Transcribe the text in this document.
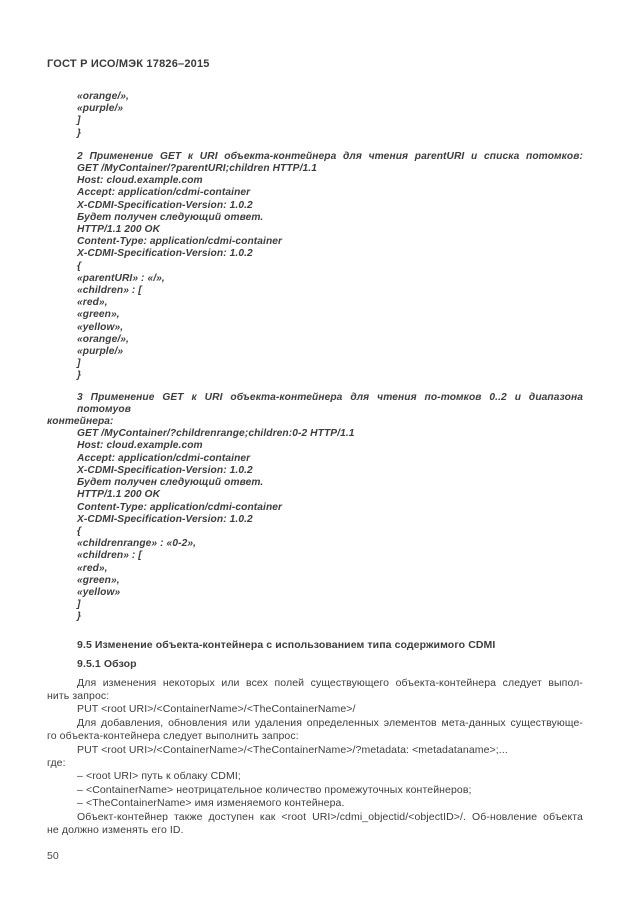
ГОСТ Р ИСО/МЭК 17826–2015
«orange/»,
«purple/»
]
}
2 Применение GET к URI объекта-контейнера для чтения parentURI и списка потомков:
GET /MyContainer/?parentURI;children HTTP/1.1
Host: cloud.example.com
Accept: application/cdmi-container
X-CDMI-Specification-Version: 1.0.2
Будет получен следующий ответ.
HTTP/1.1 200 OK
Content-Type: application/cdmi-container
X-CDMI-Specification-Version: 1.0.2
{
«parentURI» : «/»,
«children» : [
«red»,
«green»,
«yellow»,
«orange/»,
«purple/»
]
}
3 Применение GET к URI объекта-контейнера для чтения по-томков 0..2 и диапазона потомуов
контейнера:
GET /MyContainer/?childrenrange;children:0-2 HTTP/1.1
Host: cloud.example.com
Accept: application/cdmi-container
X-CDMI-Specification-Version: 1.0.2
Будет получен следующий ответ.
HTTP/1.1 200 OK
Content-Type: application/cdmi-container
X-CDMI-Specification-Version: 1.0.2
{
«childrenrange» : «0-2»,
«children» : [
«red»,
«green»,
«yellow»
]
}
9.5 Изменение объекта-контейнера с использованием типа содержимого CDMI
9.5.1 Обзор
Для изменения некоторых или всех полей существующего объекта-контейнера следует выпол-
нить запрос:
PUT <root URI>/<ContainerName>/<TheContainerName>/
Для добавления, обновления или удаления определенных элементов мета-данных существующе-
го объекта-контейнера следует выполнить запрос:
PUT <root URI>/<ContainerName>/<TheContainerName>/?metadata: <metadataname>;...
где:
– <root URI> путь к облаку CDMI;
– <ContainerName> неотрицательное количество промежуточных контейнеров;
– <TheContainerName> имя изменяемого контейнера.
Объект-контейнер также доступен как <root URI>/cdmi_objectid/<objectID>/. Об-новление объекта
не должно изменять его ID.
50
